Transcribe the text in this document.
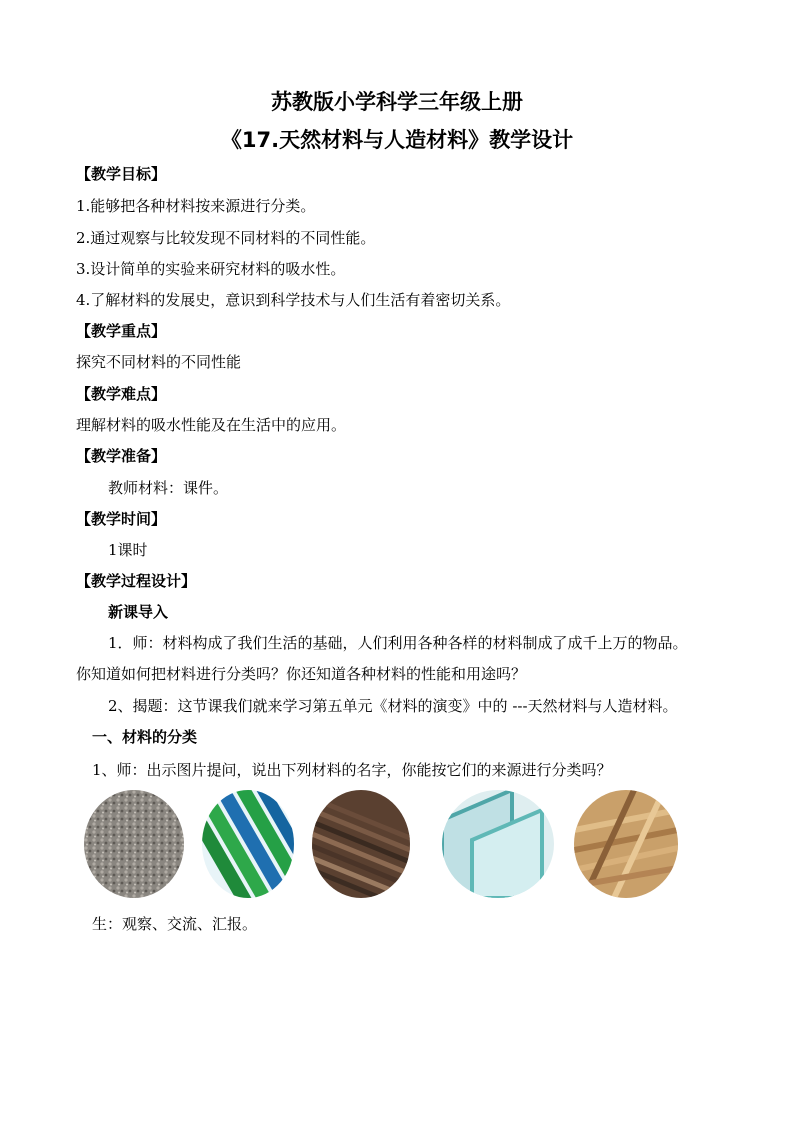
苏教版小学科学三年级上册
《17.天然材料与人造材料》教学设计
【教学目标】
1.能够把各种材料按来源进行分类。
2.通过观察与比较发现不同材料的不同性能。
3.设计简单的实验来研究材料的吸水性。
4.了解材料的发展史，意识到科学技术与人们生活有着密切关系。
【教学重点】
探究不同材料的不同性能
【教学难点】
理解材料的吸水性能及在生活中的应用。
【教学准备】
教师材料：课件。
【教学时间】
1课时
【教学过程设计】
新课导入
1．师：材料构成了我们生活的基础，人们利用各种各样的材料制成了成千上万的物品。
你知道如何把材料进行分类吗？你还知道各种材料的性能和用途吗？
2、揭题：这节课我们就来学习第五单元《材料的演变》中的 ---天然材料与人造材料。
一、材料的分类
1、师：出示图片提问，说出下列材料的名字，你能按它们的来源进行分类吗？
生：观察、交流、汇报。
